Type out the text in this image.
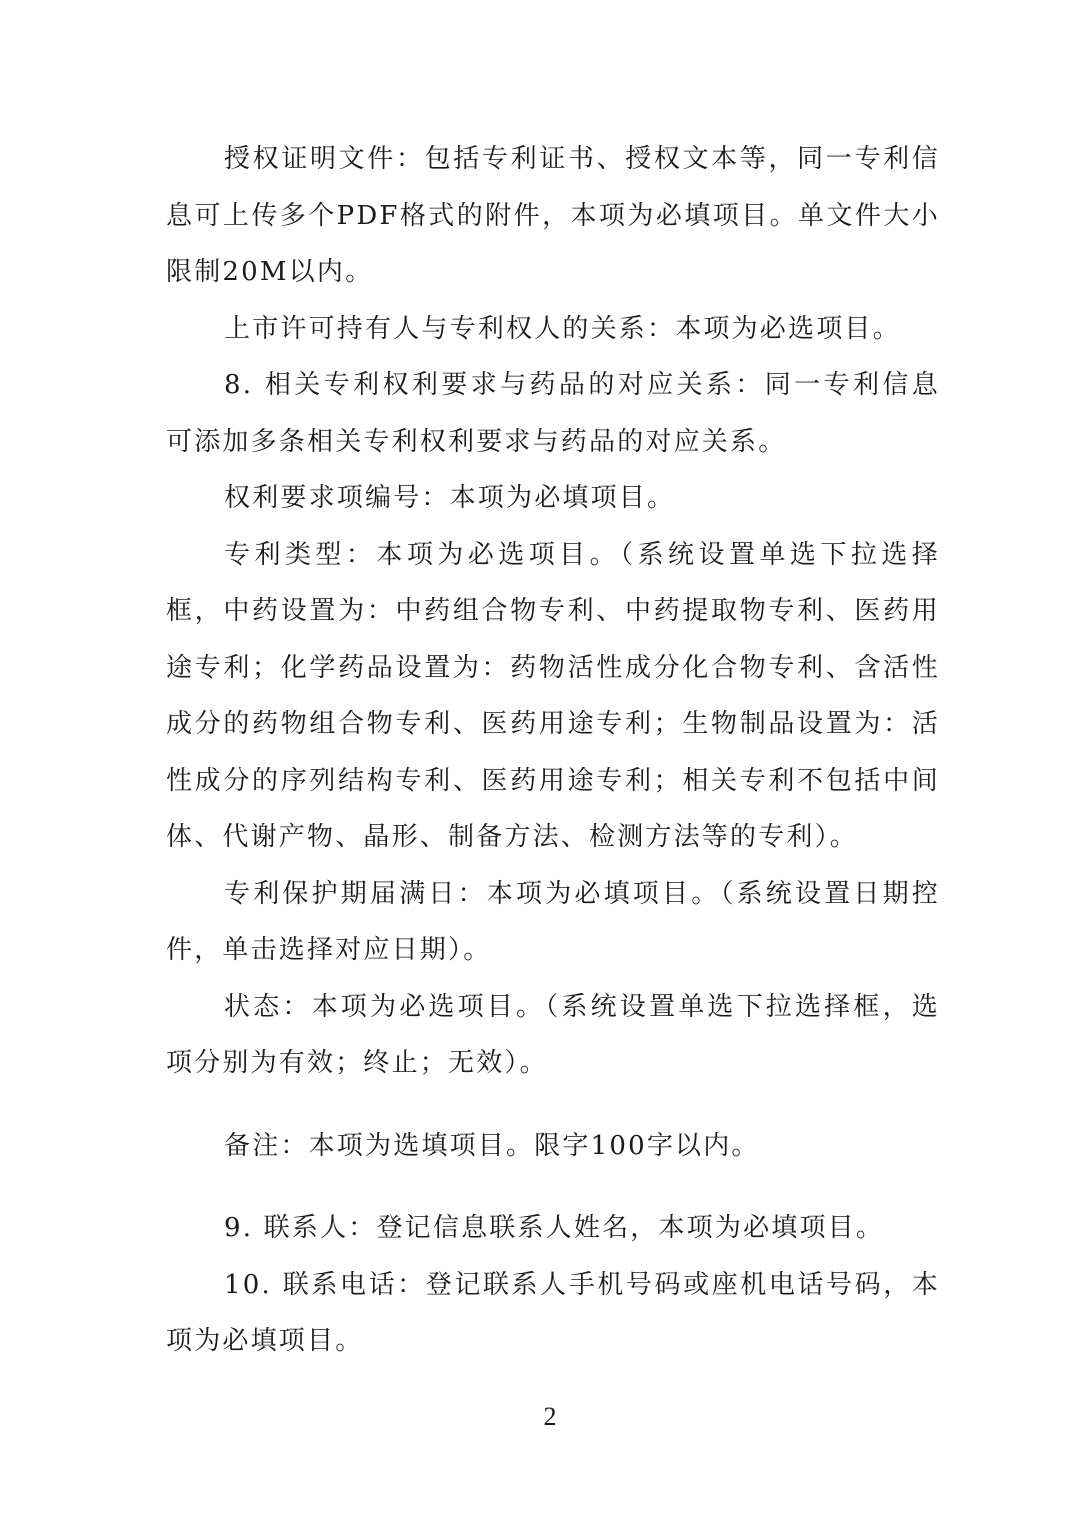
授权证明文件：包括专利证书、授权文本等，同一专利信息可上传多个PDF格式的附件，本项为必填项目。单文件大小限制20M以内。

上市许可持有人与专利权人的关系：本项为必选项目。

8. 相关专利权利要求与药品的对应关系：同一专利信息可添加多条相关专利权利要求与药品的对应关系。

权利要求项编号：本项为必填项目。

专利类型：本项为必选项目。（系统设置单选下拉选择框，中药设置为：中药组合物专利、中药提取物专利、医药用途专利；化学药品设置为：药物活性成分化合物专利、含活性成分的药物组合物专利、医药用途专利；生物制品设置为：活性成分的序列结构专利、医药用途专利；相关专利不包括中间体、代谢产物、晶形、制备方法、检测方法等的专利）。

专利保护期届满日：本项为必填项目。（系统设置日期控件，单击选择对应日期）。

状态：本项为必选项目。（系统设置单选下拉选择框，选项分别为有效；终止；无效）。

备注：本项为选填项目。限字100字以内。

9. 联系人：登记信息联系人姓名，本项为必填项目。

10. 联系电话：登记联系人手机号码或座机电话号码，本项为必填项目。

2
